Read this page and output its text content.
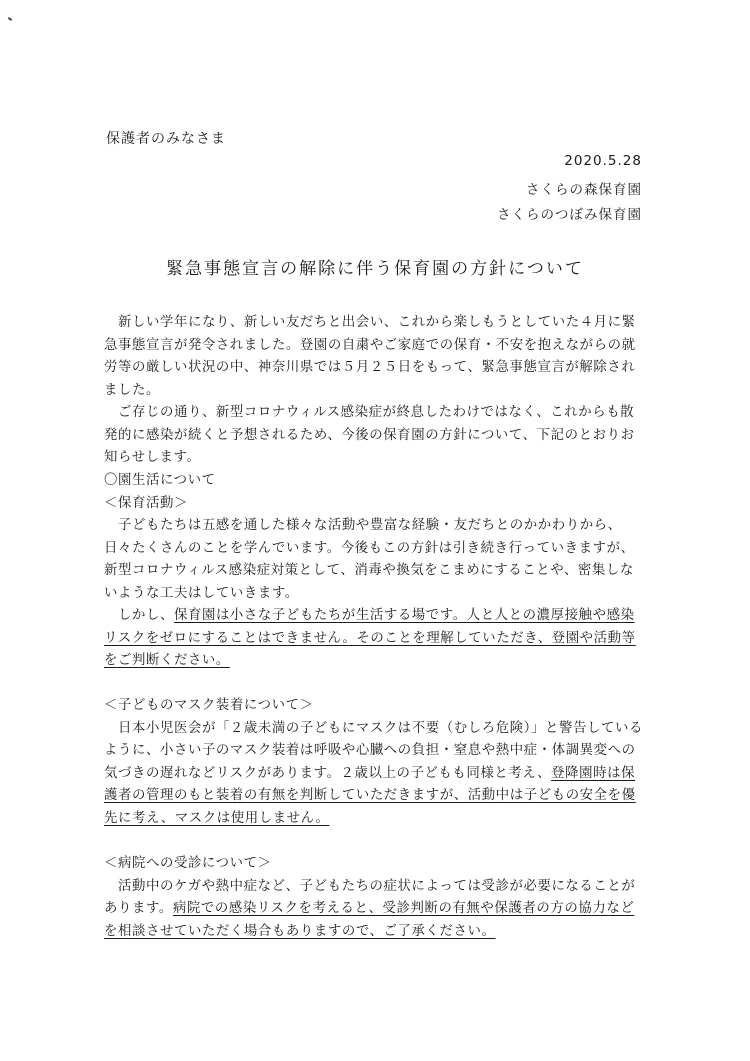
保護者のみなさま
2020.5.28
さくらの森保育園
さくらのつぼみ保育園
緊急事態宣言の解除に伴う保育園の方針について

新しい学年になり、新しい友だちと出会い、これから楽しもうとしていた４月に緊急事態宣言が発令されました。登園の自粛やご家庭での保育・不安を抱えながらの就労等の厳しい状況の中、神奈川県では５月２５日をもって、緊急事態宣言が解除されました。

ご存じの通り、新型コロナウィルス感染症が終息したわけではなく、これからも散発的に感染が続くと予想されるため、今後の保育園の方針について、下記のとおりお知らせします。

〇園生活について

＜保育活動＞

子どもたちは五感を通した様々な活動や豊富な経験・友だちとのかかわりから、日々たくさんのことを学んでいます。今後もこの方針は引き続き行っていきますが、新型コロナウィルス感染症対策として、消毒や換気をこまめにすることや、密集しないような工夫はしていきます。

しかし、保育園は小さな子どもたちが生活する場です。人と人との濃厚接触や感染リスクをゼロにすることはできません。そのことを理解していただき、登園や活動等をご判断ください。

＜子どものマスク装着について＞

日本小児医会が「２歳未満の子どもにマスクは不要（むしろ危険）」と警告しているように、小さい子のマスク装着は呼吸や心臓への負担・窒息や熱中症・体調異変への気づきの遅れなどリスクがあります。２歳以上の子どもも同様と考え、登降園時は保護者の管理のもと装着の有無を判断していただきますが、活動中は子どもの安全を優先に考え、マスクは使用しません。

＜病院への受診について＞

活動中のケガや熱中症など、子どもたちの症状によっては受診が必要になることがあります。病院での感染リスクを考えると、受診判断の有無や保護者の方の協力などを相談させていただく場合もありますので、ご了承ください。
